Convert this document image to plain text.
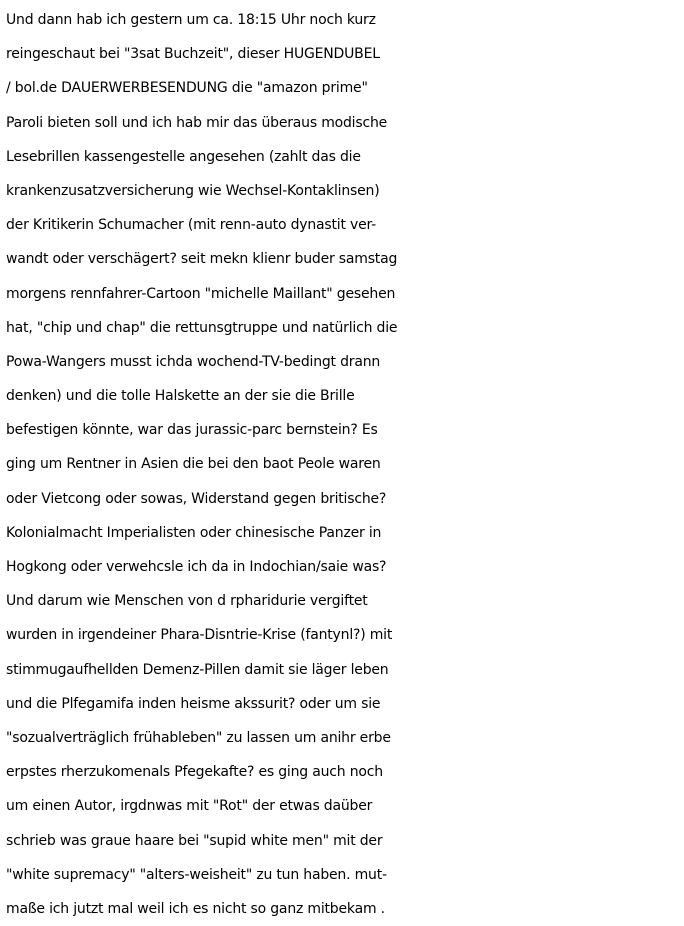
Und dann hab ich gestern um ca. 18:15 Uhr noch kurz
reingeschaut bei "3sat Buchzeit", dieser HUGENDUBEL
/ bol.de DAUERWERBESENDUNG die "amazon prime"
Paroli bieten soll und ich hab mir das überaus modische
Lesebrillen kassengestelle angesehen (zahlt das die
krankenzusatzversicherung wie Wechsel-Kontaklinsen)
der Kritikerin Schumacher (mit renn-auto dynastit ver-
wandt oder verschägert? seit mekn klienr buder samstag
morgens rennfahrer-Cartoon "michelle Maillant" gesehen
hat, "chip und chap" die rettunsgtruppe und natürlich die
Powa-Wangers musst ichda wochend-TV-bedingt drann
denken) und die tolle Halskette an der sie die Brille
befestigen könnte, war das jurassic-parc bernstein? Es
ging um Rentner in Asien die bei den baot Peole waren
oder Vietcong oder sowas, Widerstand gegen britische?
Kolonialmacht Imperialisten oder chinesische Panzer in
Hogkong oder verwehcsle ich da in Indochian/saie was?
Und darum wie Menschen von d rpharidurie vergiftet
wurden in irgendeiner Phara-Disntrie-Krise (fantynl?) mit
stimmugaufhellden Demenz-Pillen damit sie läger leben
und die Plfegamifa inden heisme akssurit? oder um sie
"sozualverträglich frühableben" zu lassen um anihr erbe
erpstes rherzukomenals Pfegekafte? es ging auch noch
um einen Autor, irgdnwas mit "Rot" der etwas daüber
schrieb was graue haare bei "supid white men" mit der
"white supremacy" "alters-weisheit" zu tun haben. mut-
maße ich jutzt mal weil ich es nicht so ganz mitbekam .
